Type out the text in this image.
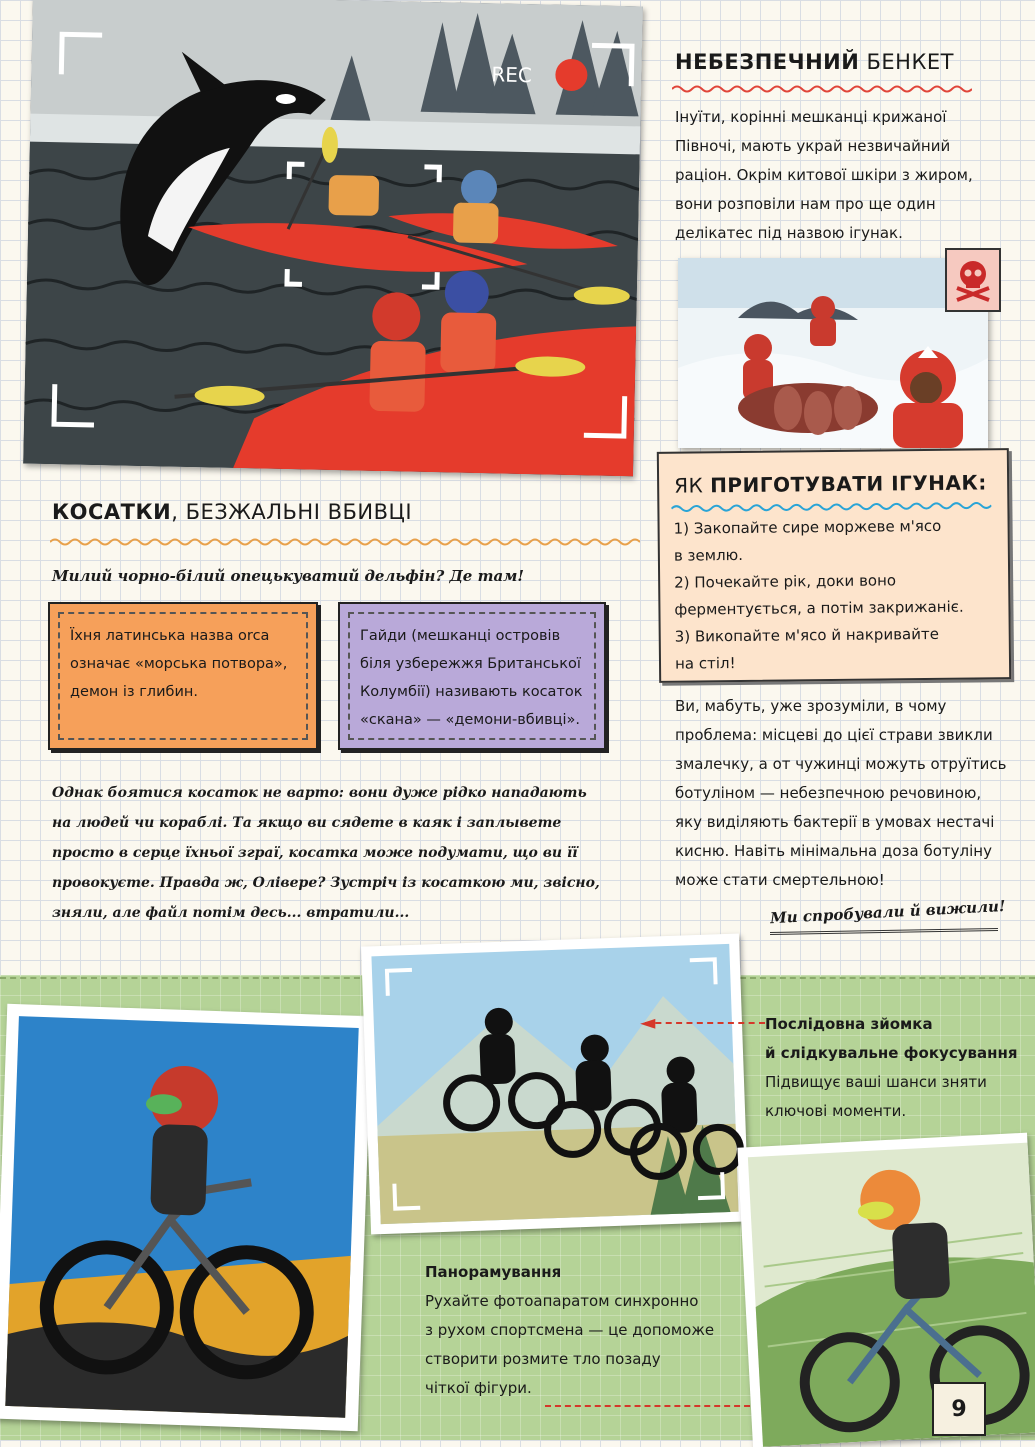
REC
НЕБЕЗПЕЧНИЙ БЕНКЕТ
Інуїти, корінні мешканці крижаної
Півночі, мають украй незвичайний
раціон. Окрім китової шкіри з жиром,
вони розповіли нам про ще один
делікатес під назвою ігунак.
ЯК ПРИГОТУВАТИ ІГУНАК:
1) Закопайте сире моржеве м'ясо
в землю.
2) Почекайте рік, доки воно
ферментується, а потім закрижаніє.
3) Викопайте м'ясо й накривайте
на стіл!
Ви, мабуть, уже зрозуміли, в чому
проблема: місцеві до цієї страви звикли
змалечку, а от чужинці можуть отруїтись
ботуліном — небезпечною речовиною,
яку виділяють бактерії в умовах нестачі
кисню. Навіть мінімальна доза ботуліну
може стати смертельною!
Ми спробували й вижили!
КОСАТКИ, БЕЗЖАЛЬНІ ВБИВЦІ
Милий чорно-білий опецькуватий дельфін? Де там!
Їхня латинська назва orca
означає «морська потвора»,
демон із глибин.
Гайди (мешканці островів
біля узбережжя Британської
Колумбії) називають косаток
«скана» — «демони-вбивці».
Однак боятися косаток не варто: вони дуже рідко нападають
на людей чи кораблі. Та якщо ви сядете в каяк і заплывете
просто в серце їхньої зграї, косатка може подумати, що ви її
провокуєте. Правда ж, Олівере? Зустріч із косаткою ми, звісно,
зняли, але файл потім десь... втратили...
◄	Послідовна зйомка
й слідкувальне фокусування
Підвищує ваші шанси зняти
ключові моменти.
Панорамування
Рухайте фотоапаратом синхронно
з рухом спортсмена — це допоможе
створити розмите тло позаду
чіткої фігури.
9
